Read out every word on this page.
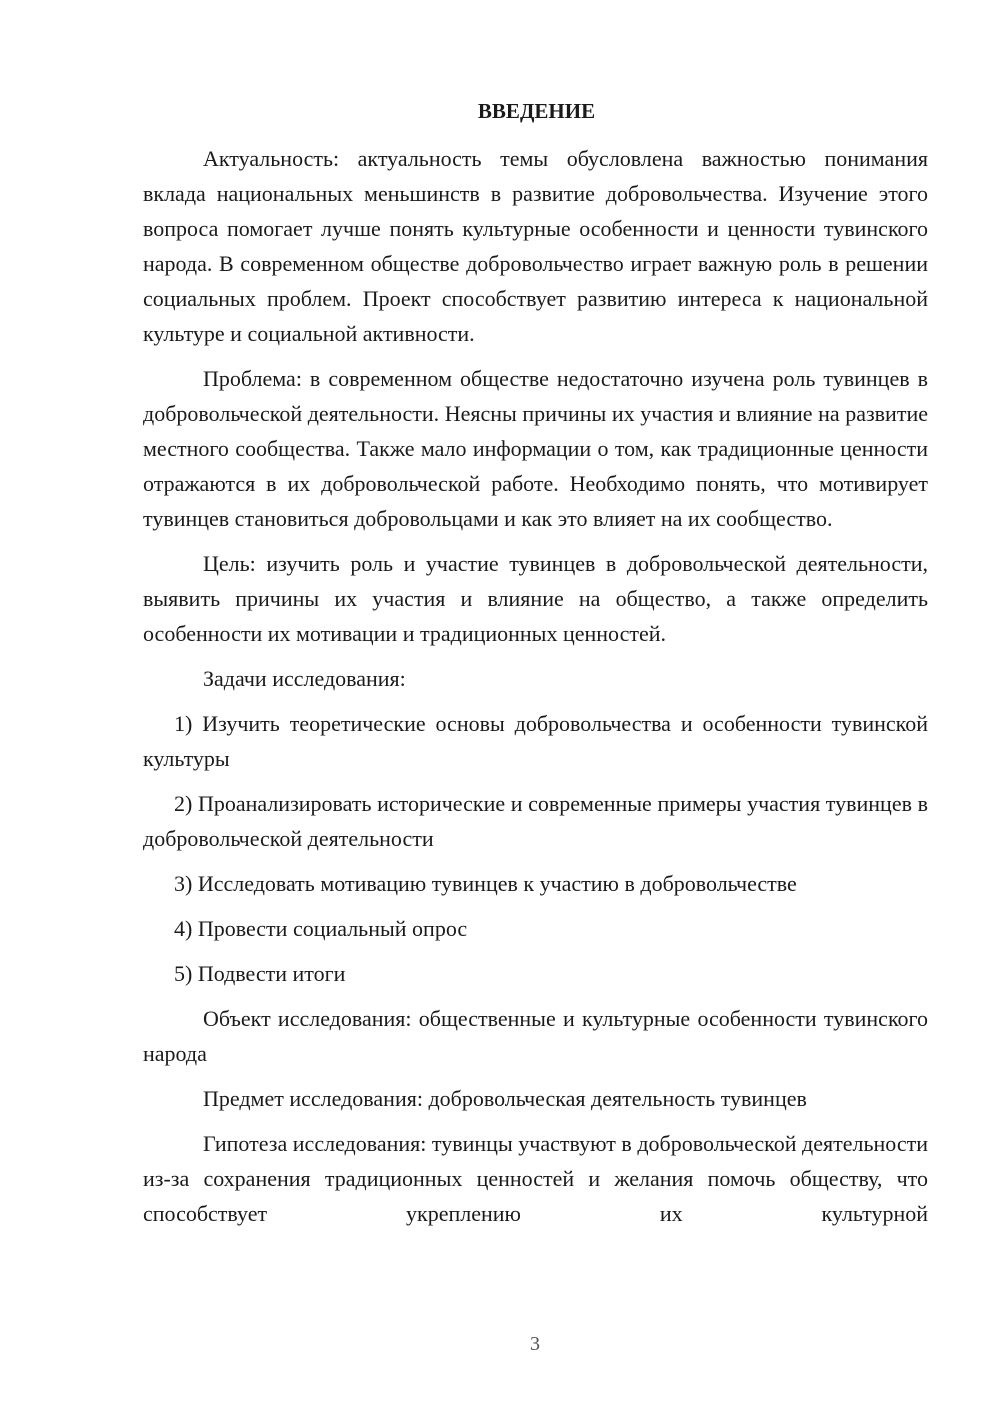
ВВЕДЕНИЕ

Актуальность: актуальность темы обусловлена важностью понимания вклада национальных меньшинств в развитие добровольчества. Изучение этого вопроса помогает лучше понять культурные особенности и ценности тувинского народа. В современном обществе добровольчество играет важную роль в решении социальных проблем. Проект способствует развитию интереса к национальной культуре и социальной активности.

Проблема: в современном обществе недостаточно изучена роль тувинцев в добровольческой деятельности. Неясны причины их участия и влияние на развитие местного сообщества. Также мало информации о том, как традиционные ценности отражаются в их добровольческой работе. Необходимо понять, что мотивирует тувинцев становиться добровольцами и как это влияет на их сообщество.

Цель: изучить роль и участие тувинцев в добровольческой деятельности, выявить причины их участия и влияние на общество, а также определить особенности их мотивации и традиционных ценностей.

Задачи исследования:

1) Изучить теоретические основы добровольчества и особенности тувинской культуры

2) Проанализировать исторические и современные примеры участия тувинцев в добровольческой деятельности

3) Исследовать мотивацию тувинцев к участию в добровольчестве

4) Провести социальный опрос

5) Подвести итоги

Объект исследования: общественные и культурные особенности тувинского народа

Предмет исследования: добровольческая деятельность тувинцев

Гипотеза исследования: тувинцы участвуют в добровольческой деятельности из-за сохранения традиционных ценностей и желания помочь обществу, что способствует укреплению их культурной

3
